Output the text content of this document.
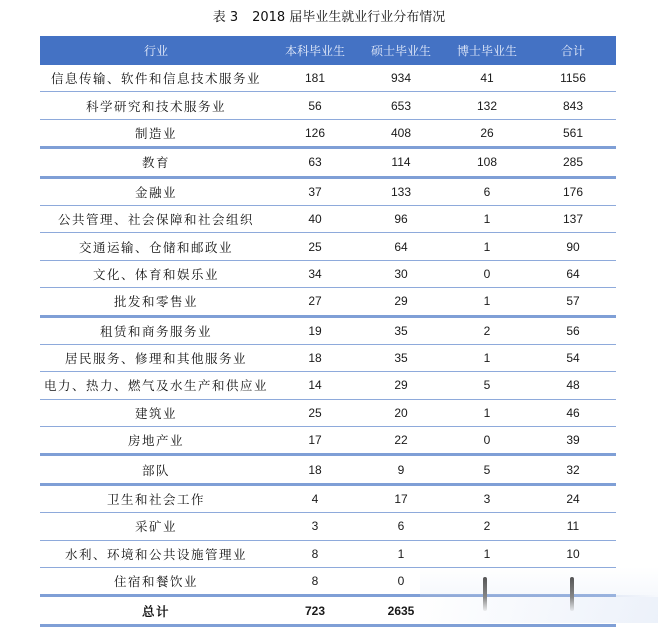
表 3 2018 届毕业生就业行业分布情况
行业	本科毕业生	硕士毕业生	博士毕业生	合计
信息传输、软件和信息技术服务业	181	934	41	1156
科学研究和技术服务业	56	653	132	843
制造业	126	408	26	561
教育	63	114	108	285
金融业	37	133	6	176
公共管理、社会保障和社会组织	40	96	1	137
交通运输、仓储和邮政业	25	64	1	90
文化、体育和娱乐业	34	30	0	64
批发和零售业	27	29	1	57
租赁和商务服务业	19	35	2	56
居民服务、修理和其他服务业	18	35	1	54
电力、热力、燃气及水生产和供应业	14	29	5	48
建筑业	25	20	1	46
房地产业	17	22	0	39
部队	18	9	5	32
卫生和社会工作	4	17	3	24
采矿业	3	6	2	11
水利、环境和公共设施管理业	8	1	1	10
住宿和餐饮业	8	0		
总计	723	2635		
